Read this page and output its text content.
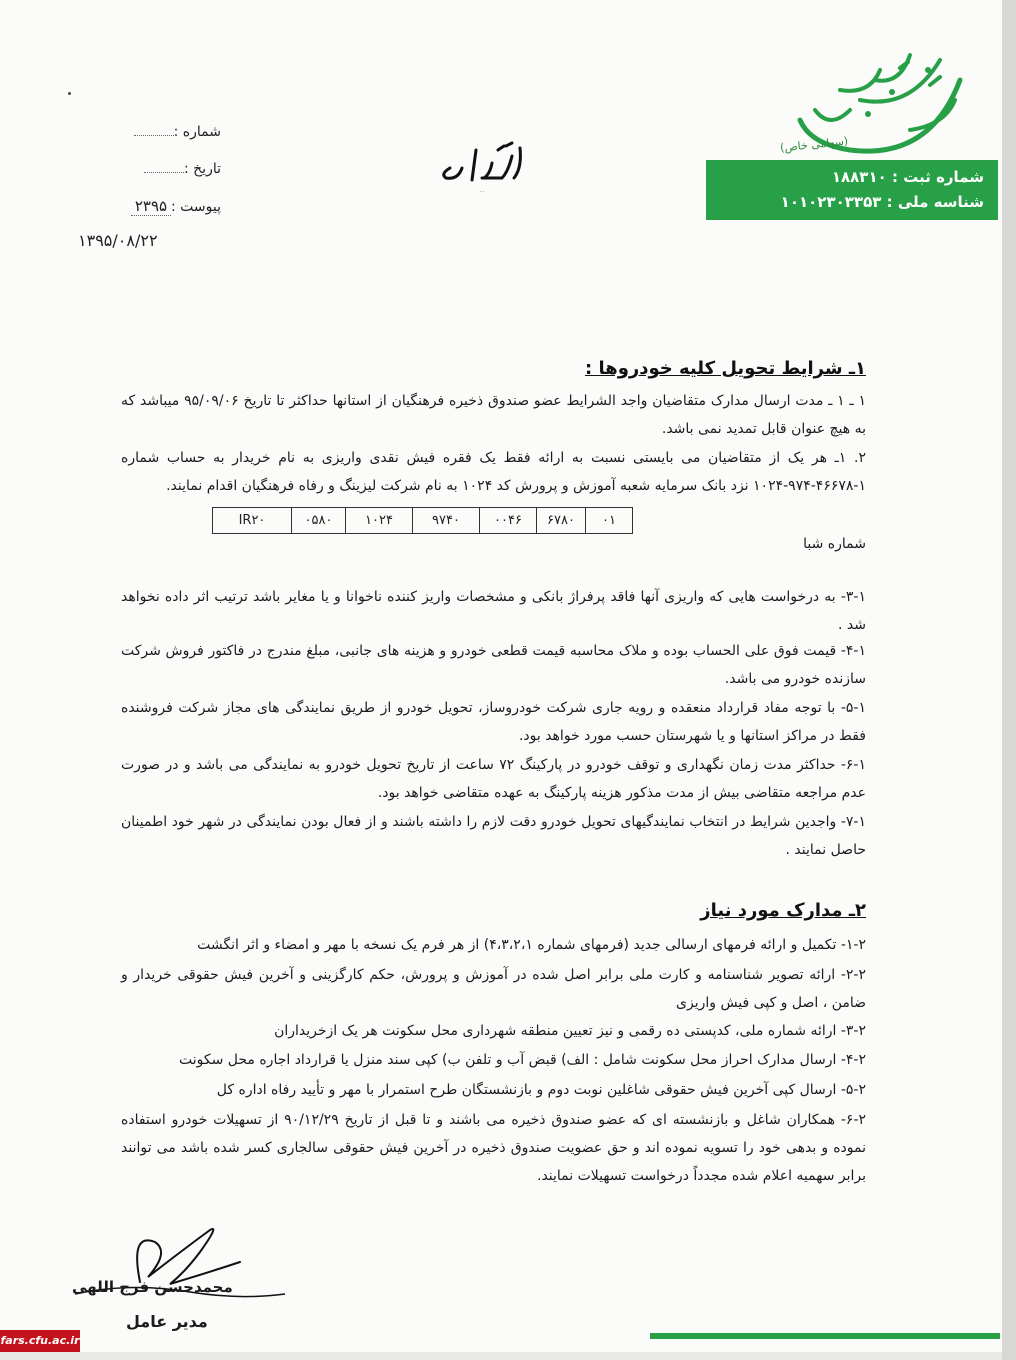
شماره :
تاریخ :
پیوست :۲۳۹۵
۱۳۹۵/۰۸/۲۲
باسمه تعالی
(سهامی خاص)
شماره ثبت : ۱۸۸۳۱۰
شناسه ملی : ۱۰۱۰۲۳۰۳۳۵۳
۱ـ شرایط تحویل کلیه خودروها :

۱ ـ ۱ ـ مدت ارسال مدارک متقاضیان واجد الشرایط عضو صندوق ذخیره فرهنگیان از استانها حداکثر تا تاریخ ۹۵/۰۹/۰۶ میباشد که به هیچ عنوان قابل تمدید نمی باشد.

۲. ۱ـ هر یک از متقاضیان می بایستی نسبت به ارائه فقط یک فقره فیش نقدی واریزی به نام خریدار به حساب شماره ۱-۴۶۶۷۸-۹۷۴-۱۰۲۴ نزد بانک سرمایه شعبه آموزش و پرورش کد ۱۰۲۴ به نام شرکت لیزینگ و رفاه فرهنگیان اقدام نمایند.

IR۲۰	۰۵۸۰	۱۰۲۴	۹۷۴۰	۰۰۴۶	۶۷۸۰	۰۱

شماره شبا

۳-۱- به درخواست هایی که واریزی آنها فاقد پرفراژ بانکی و مشخصات واریز کننده ناخوانا و یا مغایر باشد ترتیب اثر داده نخواهد شد .

۴-۱- قیمت فوق علی الحساب بوده و ملاک محاسبه قیمت قطعی خودرو و هزینه های جانبی، مبلغ مندرج در فاکتور فروش شرکت سازنده خودرو می باشد.

۵-۱- با توجه مفاد قرارداد منعقده و رویه جاری شرکت خودروساز، تحویل خودرو از طریق نمایندگی های مجاز شرکت فروشنده فقط در مراکز استانها و یا شهرستان حسب مورد خواهد بود.

۶-۱- حداکثر مدت زمان نگهداری و توقف خودرو در پارکینگ ۷۲ ساعت از تاریخ تحویل خودرو به نمایندگی می باشد و در صورت عدم مراجعه متقاضی بیش از مدت مذکور هزینه پارکینگ به عهده متقاضی خواهد بود.

۷-۱- واجدین شرایط در انتخاب نمایندگیهای تحویل خودرو دقت لازم را داشته باشند و از فعال بودن نمایندگی در شهر خود اطمینان حاصل نمایند .

۲ـ مدارک مورد نیاز

۱-۲- تکمیل و ارائه فرمهای ارسالی جدید (فرمهای شماره ۴،۳،۲،۱) از هر فرم یک نسخه با مهر و امضاء و اثر انگشت

۲-۲- ارائه تصویر شناسنامه و کارت ملی برابر اصل شده در آموزش و پرورش، حکم کارگزینی و آخرین فیش حقوقی خریدار و ضامن ، اصل و کپی فیش واریزی

۳-۲- ارائه شماره ملی، کدپستی ده رقمی و نیز تعیین منطقه شهرداری محل سکونت هر یک ازخریداران

۴-۲- ارسال مدارک احراز محل سکونت شامل : الف) قبض آب و تلفن ب) کپی سند منزل یا قرارداد اجاره محل سکونت

۵-۲- ارسال کپی آخرین فیش حقوقی شاغلین نوبت دوم و بازنشستگان طرح استمرار با مهر و تأیید رفاه اداره کل

۶-۲- همکاران شاغل و بازنشسته ای که عضو صندوق ذخیره می باشند و تا قبل از تاریخ ۹۰/۱۲/۲۹ از تسهیلات خودرو استفاده نموده و بدهی خود را تسویه نموده اند و حق عضویت صندوق ذخیره در آخرین فیش حقوقی سالجاری کسر شده باشد می توانند برابر سهمیه اعلام شده مجدداً درخواست تسهیلات نمایند.

محمدحسن فرج اللهی
مدیر عامل
fars.cfu.ac.ir
